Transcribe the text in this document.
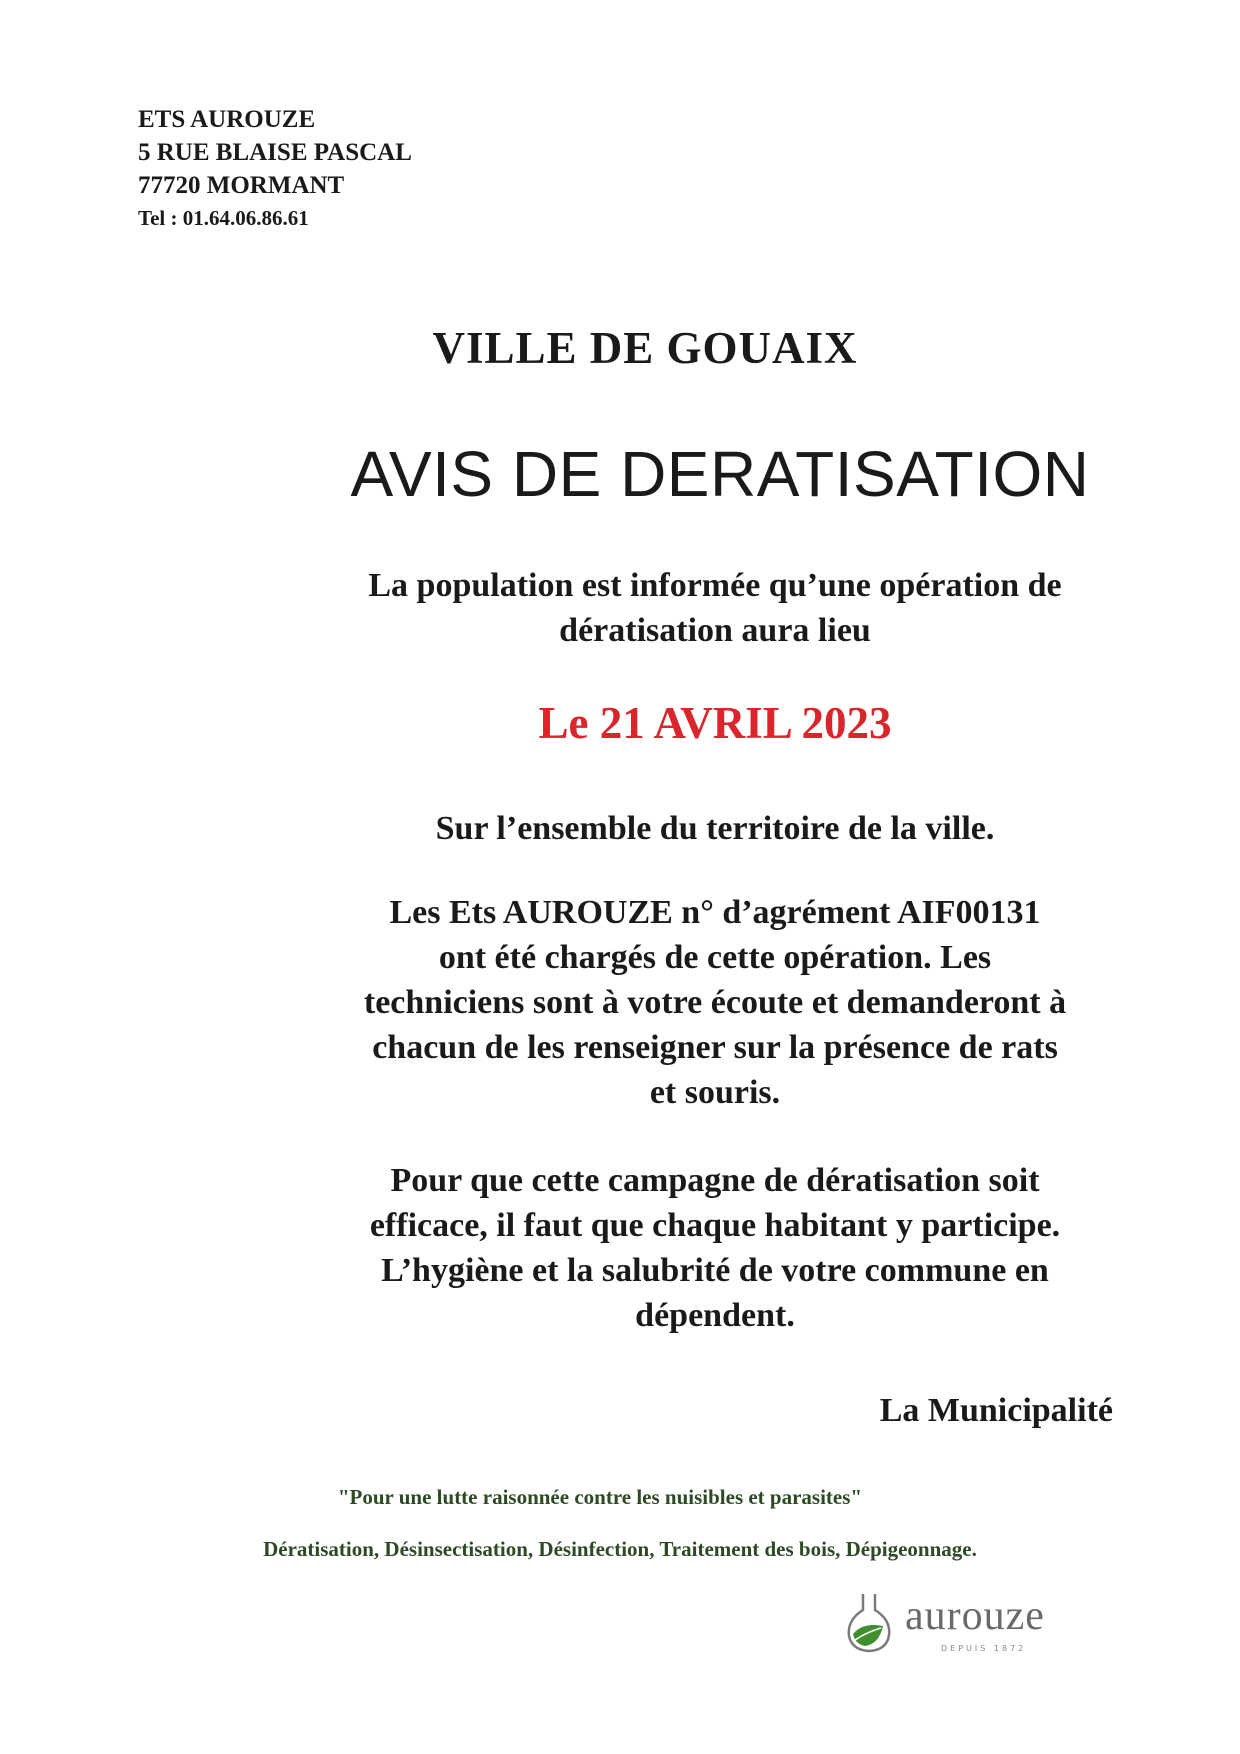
ETS AUROUZE
5 RUE BLAISE PASCAL
77720 MORMANT
Tel : 01.64.06.86.61
VILLE DE GOUAIX
AVIS DE DERATISATION
La population est informée qu’une opération de
dératisation aura lieu
Le 21 AVRIL 2023
Sur l’ensemble du territoire de la ville.
Les Ets AUROUZE n° d’agrément AIF00131
ont été chargés de cette opération. Les
techniciens sont à votre écoute et demanderont à
chacun de les renseigner sur la présence de rats
et souris.
Pour que cette campagne de dératisation soit
efficace, il faut que chaque habitant y participe.
L’hygiène et la salubrité de votre commune en
dépendent.
La Municipalité
"Pour une lutte raisonnée contre les nuisibles et parasites"
Dératisation, Désinsectisation, Désinfection, Traitement des bois, Dépigeonnage.
aurouze
DEPUIS 1872
